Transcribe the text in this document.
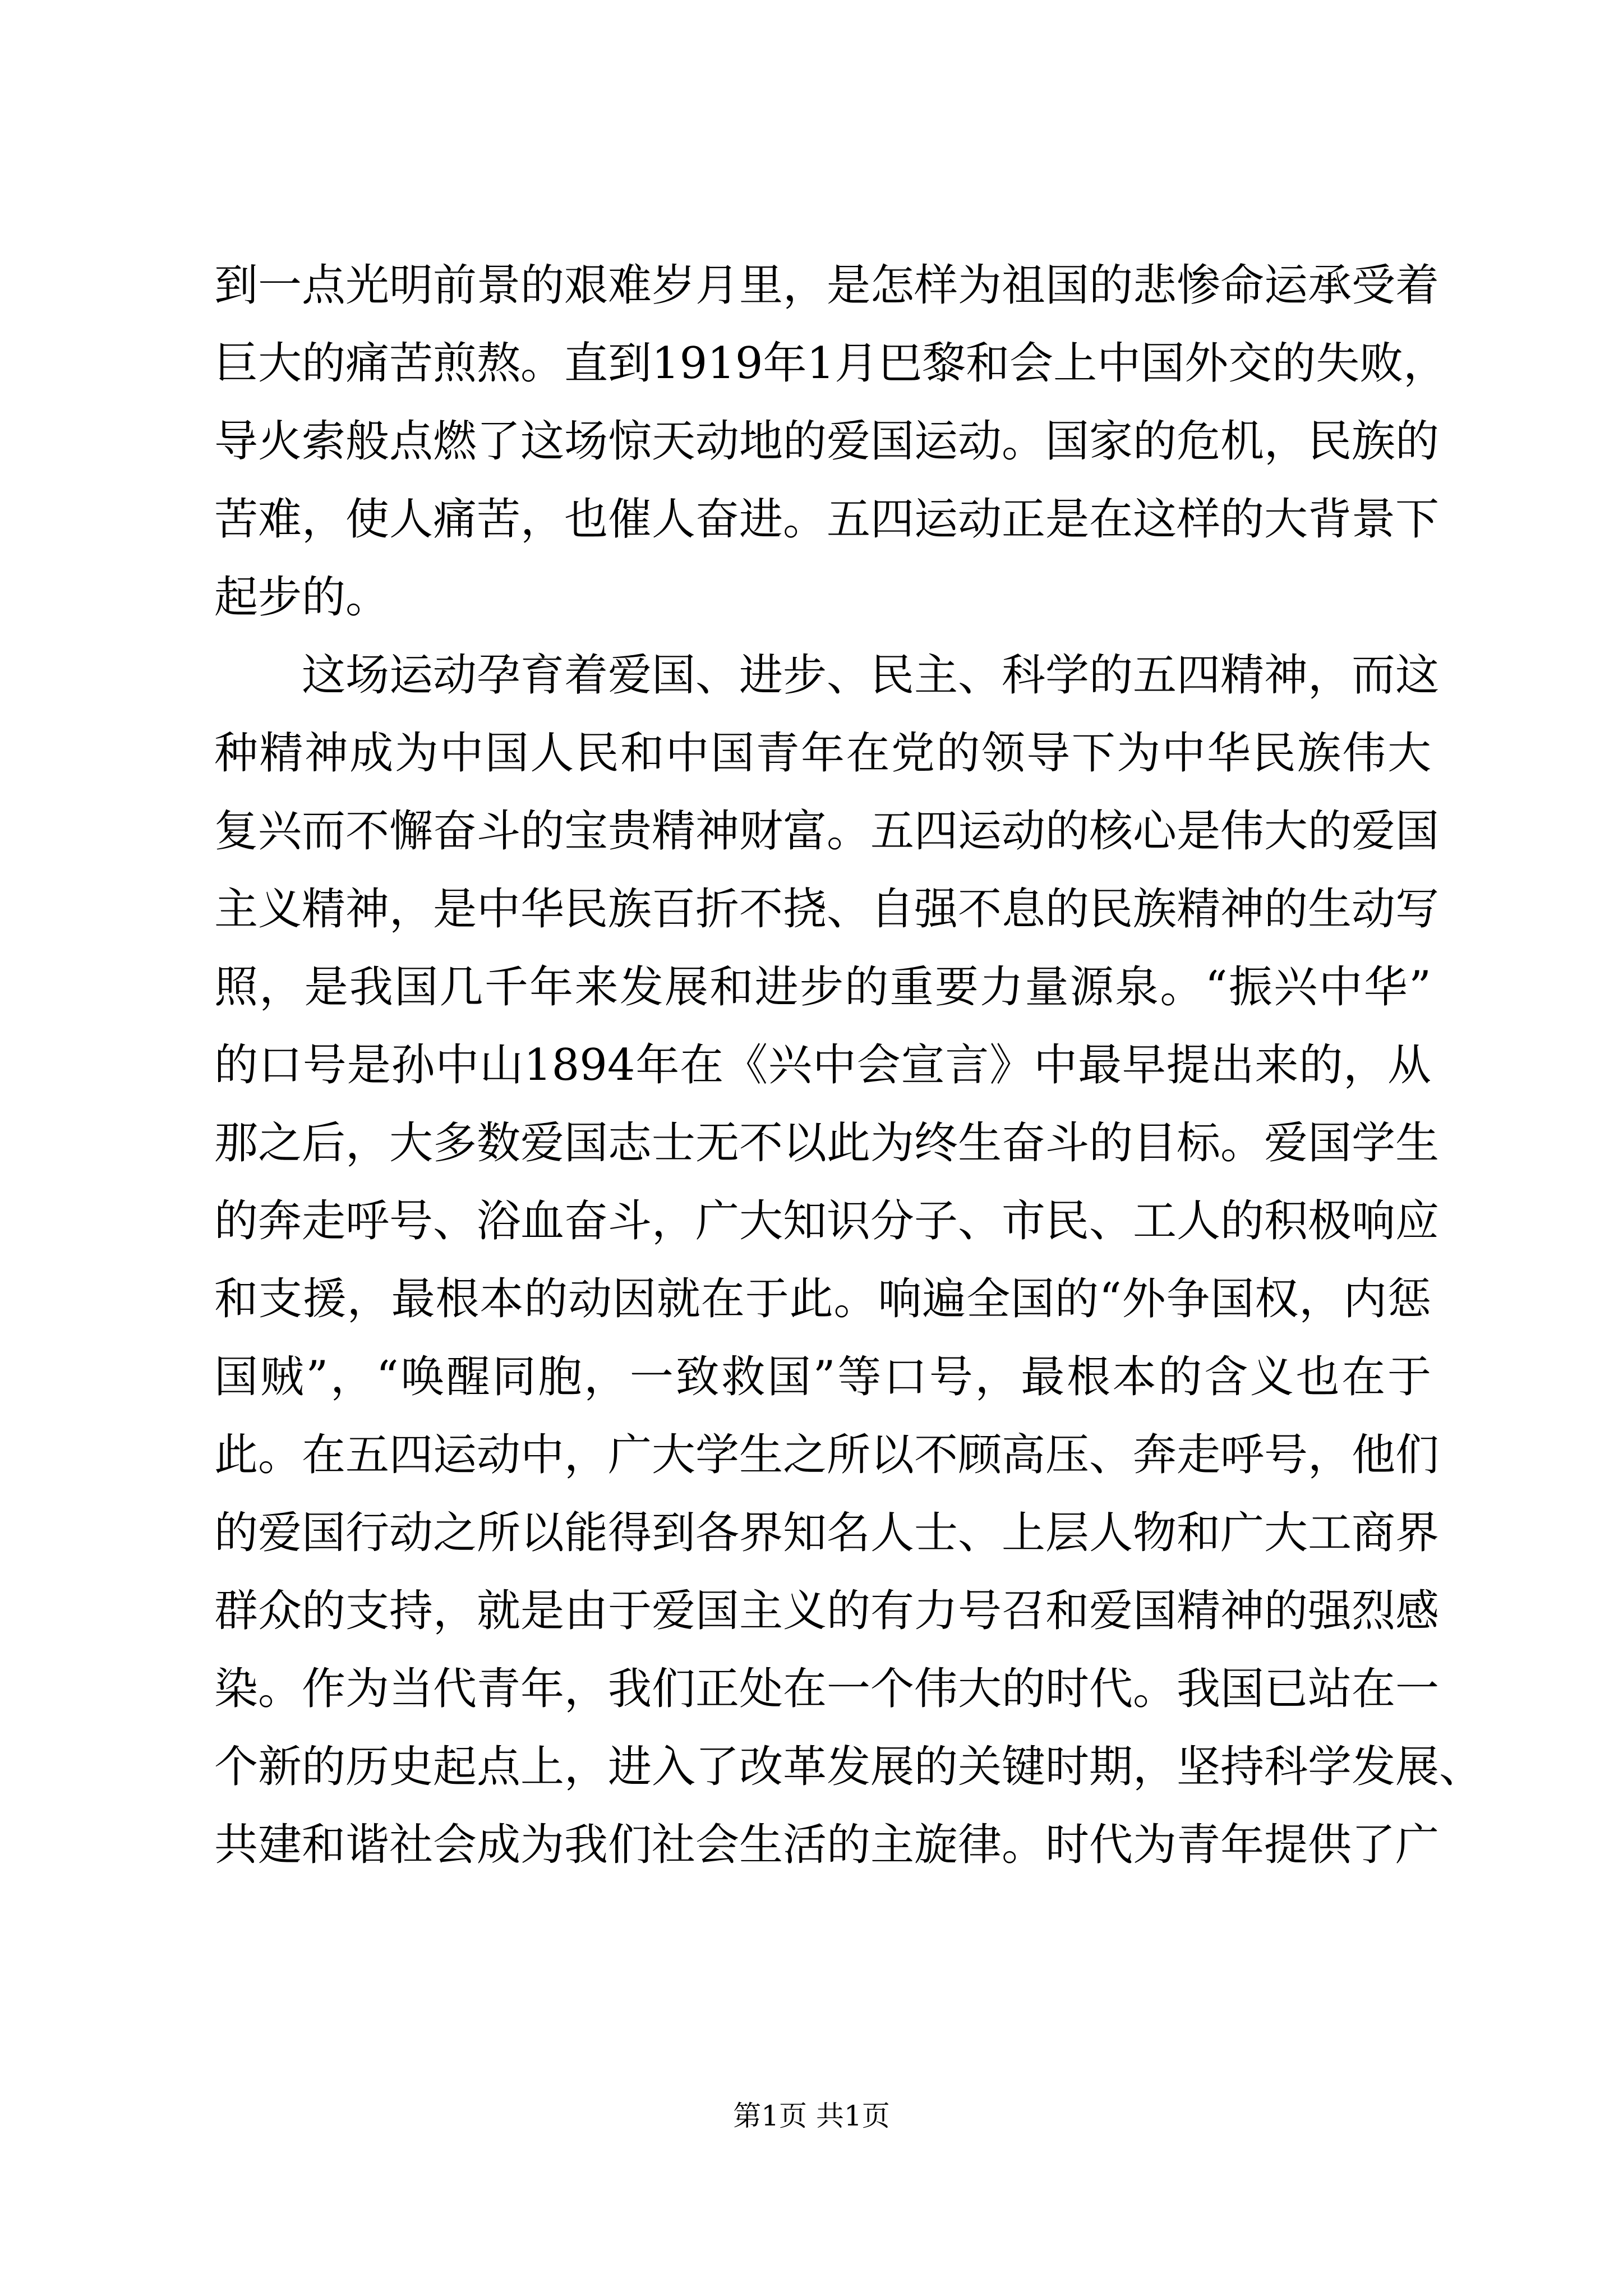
到一点光明前景的艰难岁月里，是怎样为祖国的悲惨命运承受着
巨大的痛苦煎熬。直到1919年1月巴黎和会上中国外交的失败，
导火索般点燃了这场惊天动地的爱国运动。国家的危机，民族的
苦难，使人痛苦，也催人奋进。五四运动正是在这样的大背景下
起步的。
　　这场运动孕育着爱国、进步、民主、科学的五四精神，而这
种精神成为中国人民和中国青年在党的领导下为中华民族伟大
复兴而不懈奋斗的宝贵精神财富。五四运动的核心是伟大的爱国
主义精神，是中华民族百折不挠、自强不息的民族精神的生动写
照，是我国几千年来发展和进步的重要力量源泉。“振兴中华”
的口号是孙中山1894年在《兴中会宣言》中最早提出来的，从
那之后，大多数爱国志士无不以此为终生奋斗的目标。爱国学生
的奔走呼号、浴血奋斗，广大知识分子、市民、工人的积极响应
和支援，最根本的动因就在于此。响遍全国的“外争国权，内惩
国贼”，“唤醒同胞，一致救国”等口号，最根本的含义也在于
此。在五四运动中，广大学生之所以不顾高压、奔走呼号，他们
的爱国行动之所以能得到各界知名人士、上层人物和广大工商界
群众的支持，就是由于爱国主义的有力号召和爱国精神的强烈感
染。作为当代青年，我们正处在一个伟大的时代。我国已站在一
个新的历史起点上，进入了改革发展的关键时期，坚持科学发展、
共建和谐社会成为我们社会生活的主旋律。时代为青年提供了广
第1页 共1页
